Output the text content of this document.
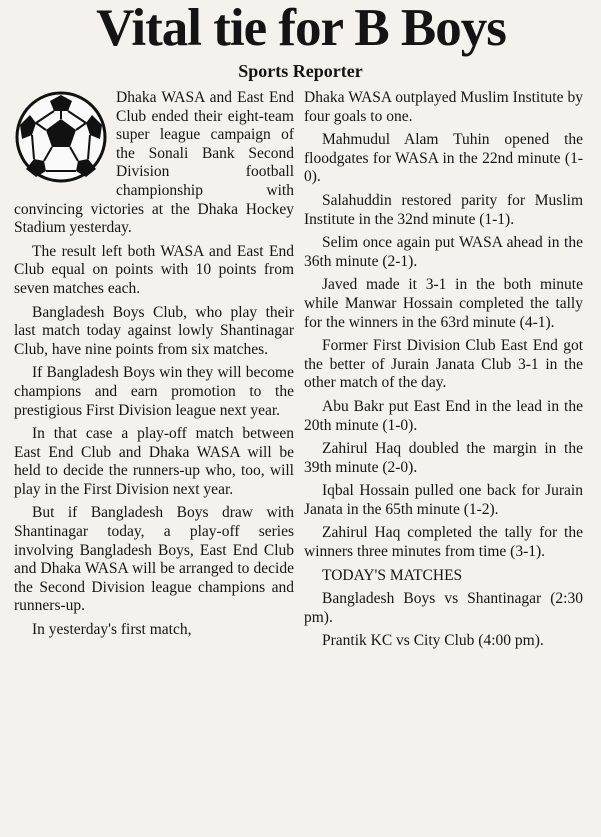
Vital tie for B Boys
Sports Reporter

Dhaka WASA and East End Club ended their eight-team super league campaign of the Sonali Bank Second Division football championship with convincing victories at the Dhaka Hockey Stadium yesterday.

The result left both WASA and East End Club equal on points with 10 points from seven matches each.

Bangladesh Boys Club, who play their last match today against lowly Shantinagar Club, have nine points from six matches.

If Bangladesh Boys win they will become champions and earn promotion to the prestigious First Division league next year.

In that case a play-off match between East End Club and Dhaka WASA will be held to decide the runners-up who, too, will play in the First Division next year.

But if Bangladesh Boys draw with Shantinagar today, a play-off series involving Bangladesh Boys, East End Club and Dhaka WASA will be arranged to decide the Second Division league champions and runners-up.

In yesterday's first match,

Dhaka WASA outplayed Muslim Institute by four goals to one.

Mahmudul Alam Tuhin opened the floodgates for WASA in the 22nd minute (1-0).

Salahuddin restored parity for Muslim Institute in the 32nd minute (1-1).

Selim once again put WASA ahead in the 36th minute (2-1).

Javed made it 3-1 in the both minute while Manwar Hossain completed the tally for the winners in the 63rd minute (4-1).

Former First Division Club East End got the better of Jurain Janata Club 3-1 in the other match of the day.

Abu Bakr put East End in the lead in the 20th minute (1-0).

Zahirul Haq doubled the margin in the 39th minute (2-0).

Iqbal Hossain pulled one back for Jurain Janata in the 65th minute (1-2).

Zahirul Haq completed the tally for the winners three minutes from time (3-1).

TODAY'S MATCHES

Bangladesh Boys vs Shantinagar (2:30 pm).

Prantik KC vs City Club (4:00 pm).
